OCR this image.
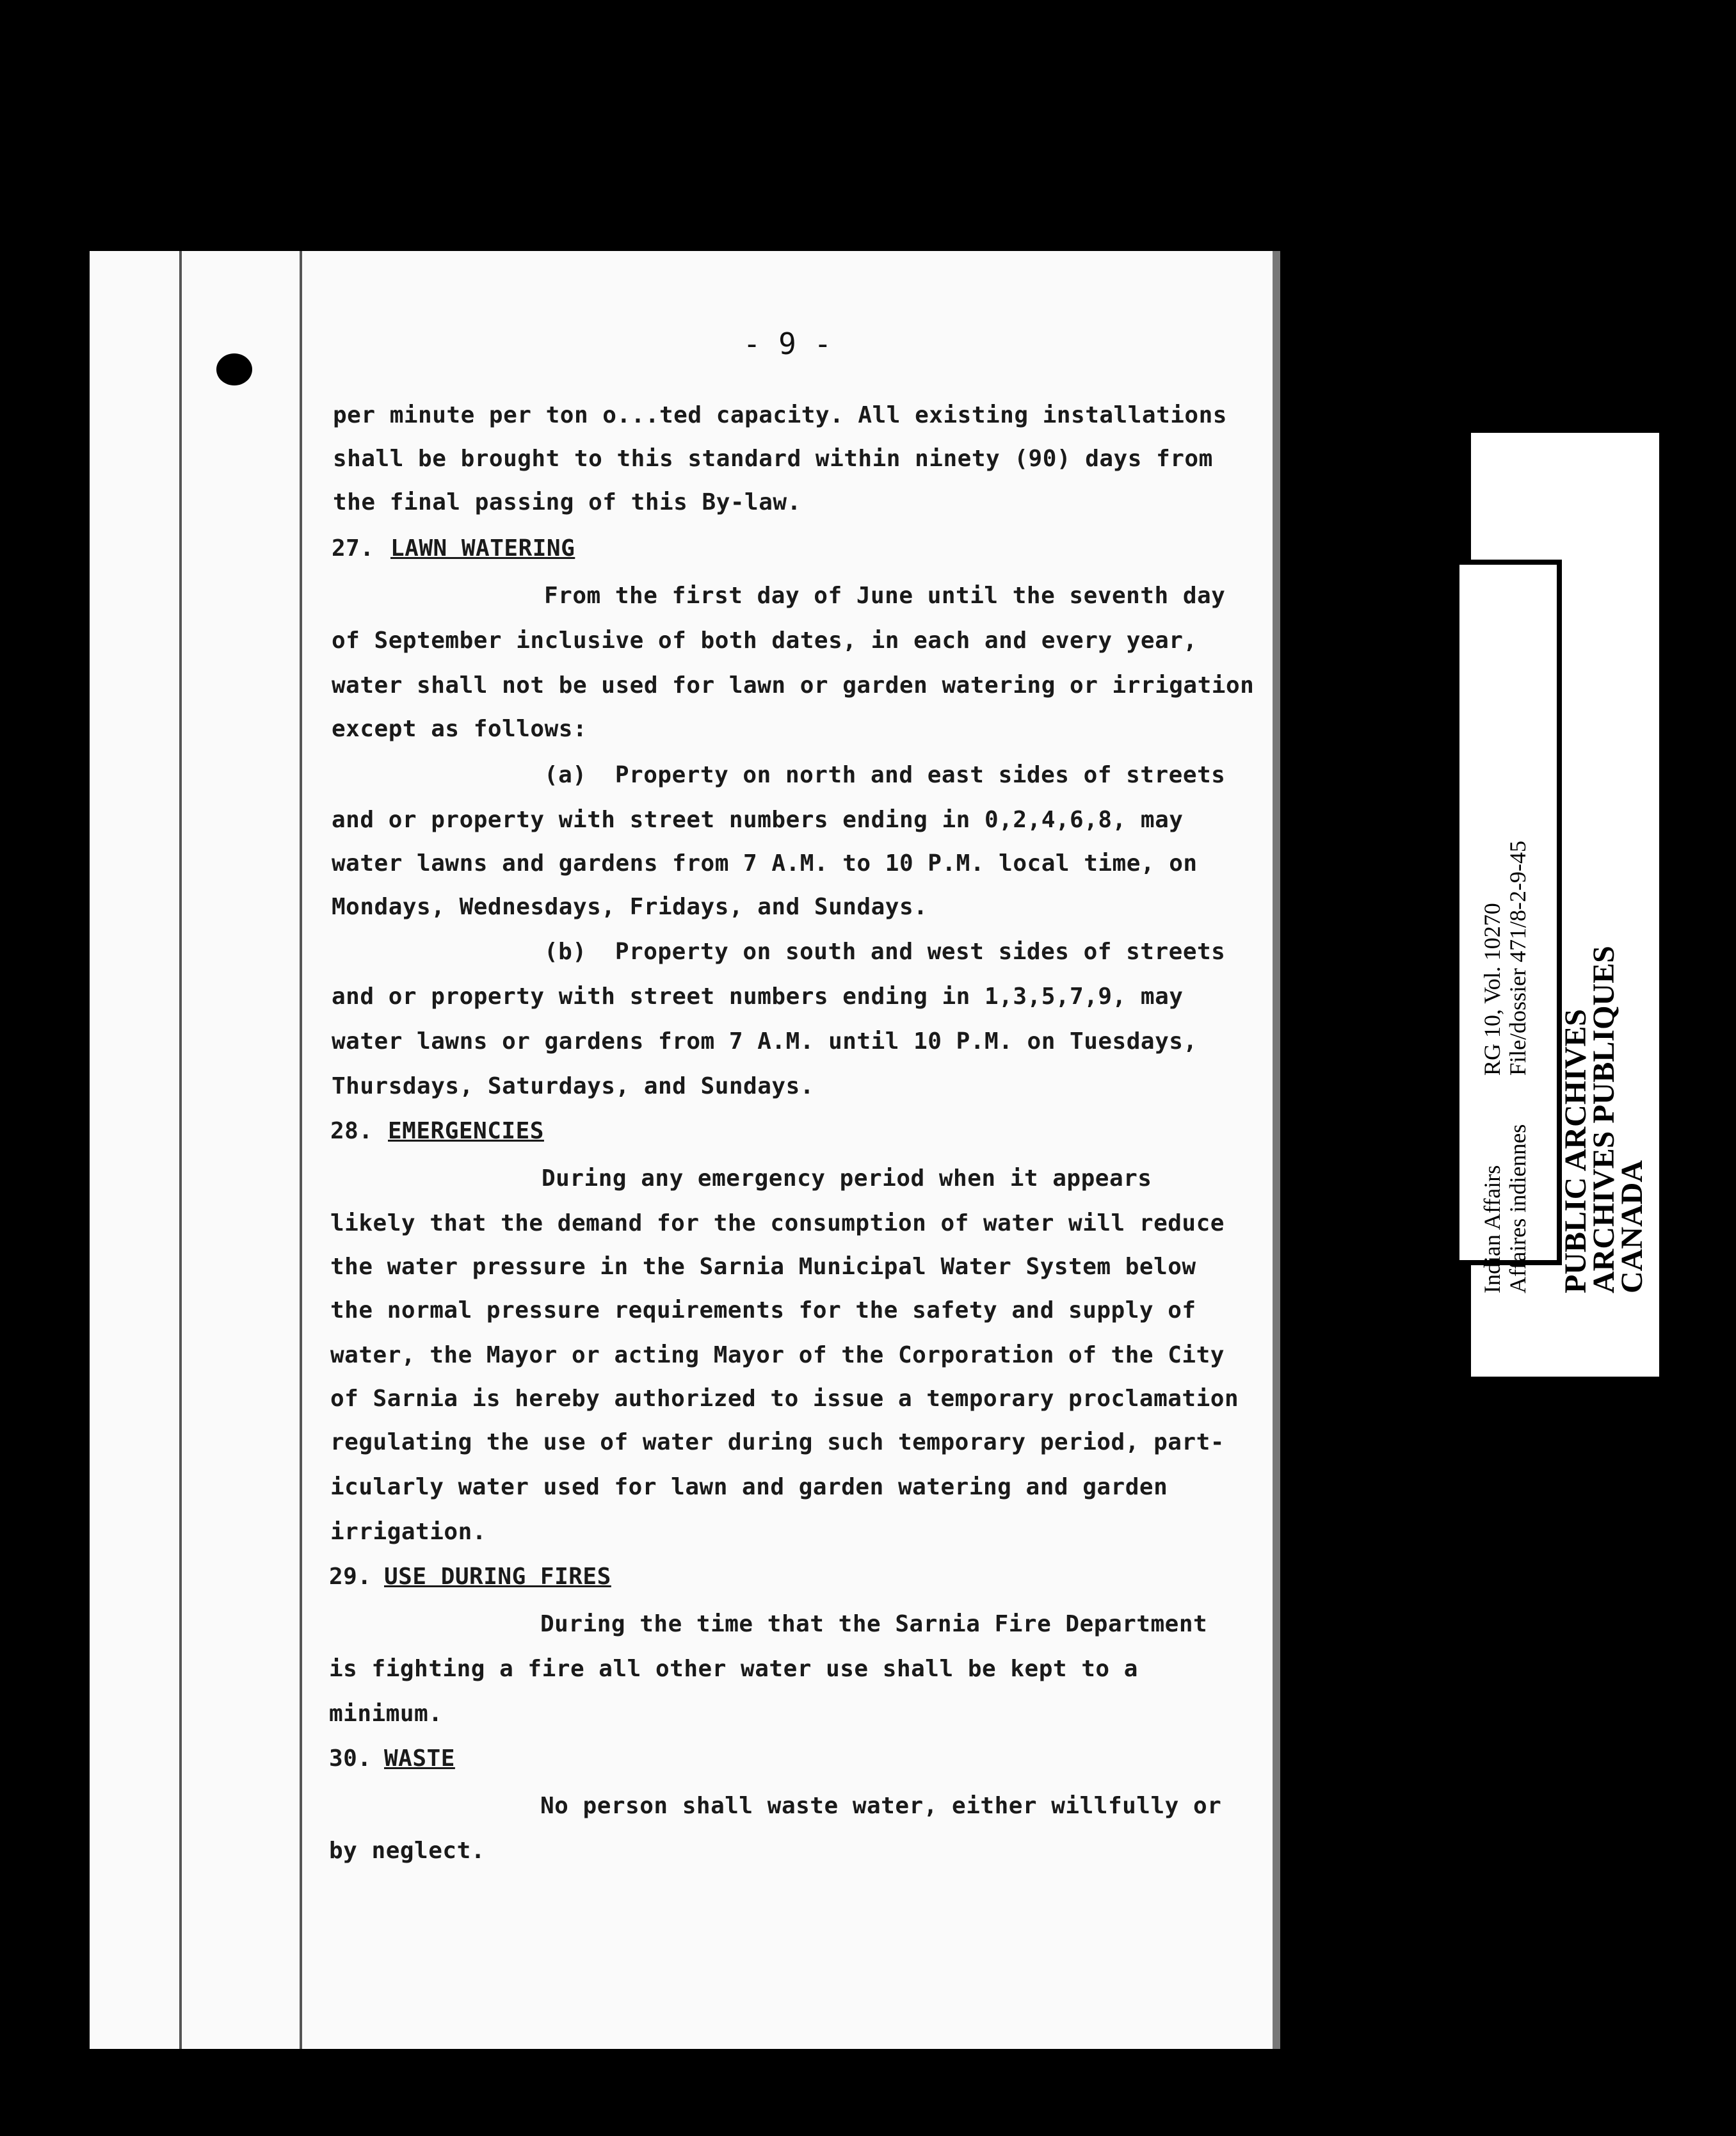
- 9 -
per minute per ton o...ted capacity. All existing installations
shall be brought to this standard within ninety (90) days from
the final passing of this By-law.
27. LAWN WATERING
From the first day of June until the seventh day
of September inclusive of both dates, in each and every year,
water shall not be used for lawn or garden watering or irrigation
except as follows:
(a)  Property on north and east sides of streets
and or property with street numbers ending in 0,2,4,6,8, may
water lawns and gardens from 7 A.M. to 10 P.M. local time, on
Mondays, Wednesdays, Fridays, and Sundays.
(b)  Property on south and west sides of streets
and or property with street numbers ending in 1,3,5,7,9, may
water lawns or gardens from 7 A.M. until 10 P.M. on Tuesdays,
Thursdays, Saturdays, and Sundays.
28. EMERGENCIES
During any emergency period when it appears
likely that the demand for the consumption of water will reduce
the water pressure in the Sarnia Municipal Water System below
the normal pressure requirements for the safety and supply of
water, the Mayor or acting Mayor of the Corporation of the City
of Sarnia is hereby authorized to issue a temporary proclamation
regulating the use of water during such temporary period, part-
icularly water used for lawn and garden watering and garden
irrigation.
29. USE DURING FIRES
During the time that the Sarnia Fire Department
is fighting a fire all other water use shall be kept to a
minimum.
30. WASTE
No person shall waste water, either willfully or
by neglect.
Indian Affairs Affaires indiennes
RG 10, Vol. 10270 File/dossier 471/8-2-9-45
PUBLIC ARCHIVES
ARCHIVES PUBLIQUES
CANADA
